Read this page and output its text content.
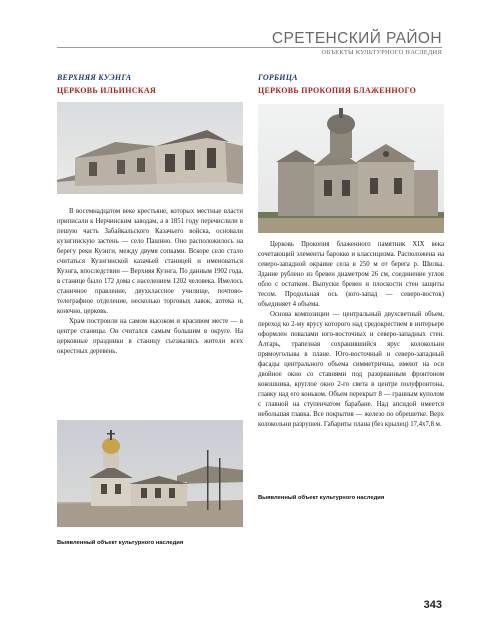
СРЕТЕНСКИЙ РАЙОН
ОБЪЕКТЫ КУЛЬТУРНОГО НАСЛЕДИЯ
ВЕРХНЯЯ КУЭНГА
ЦЕРКОВЬ ИЛЬИНСКАЯ
ГОРБИЦА
ЦЕРКОВЬ ПРОКОПИЯ БЛАЖЕННОГО

В восемнадцатом веке крестьяне, которых местные власти приписали к Нерчинским заводам, а в 1851 году перечислили в пешую часть Забайкальского Казачьего войска, основали кузнгинскую застень — село Пашино. Оно расположилось на берегу реки Куэнги, между двумя сопками. Вскоре село стало считаться Кузнгинской казачьей станицей и именоваться Куэнга, впоследствии — Верхняя Куэнга. По данным 1902 года, в станице было 172 дома с населением 1202 человека. Имелось станичное правление, двухклассное училище, почтово-телеграфное отделение, несколько торговых лавок, аптека и, конечно, церковь.

Храм построили на самом высоком и красивом месте — в центре станицы. Он считался самым большим в округе. На церковные праздники в станицу съезжались жители всех окрестных деревень.

Церковь Прокопия блаженного памятник XIX века сочетающий элементы барокко и классицизма. Расположена на северо-западной окраине села в 250 м от берега р. Шилка. Здание рублено из бревен диаметром 26 см, соединение углов облo с остатком. Выпуски бревен и плоскости стен защиты тесом. Продольная ось (юго-запад — северо-восток) объединяет 4 объема.

Основа композиции — центральный двухсветный объем, переход ко 2-му ярусу которого над средокрестием в интерьере оформлен повалами юго-восточных и северо-западных стен. Алтарь, трапезная сохранившийся ярус колокольни прямоугольны в плане. Юго-восточный и северо-западный фасады центрального объема симметричны, имеют на оси двойное окно со ставнями под разорванным фронтоном кокошника, круглое окно 2-го света в центре полуфронтона, главку над его коньком. Объем перекрыт 8 — гранным куполом с главной на ступенчатом барабане. Над апсидой имеется небольшая главка. Все покрытия — железо по обрешетке. Верх колокольни разрушен. Габариты плана (без крылец) 17,4х7,8 м.

Выявленный объект культурного наследия
Выявленный объект культурного наследия
343
